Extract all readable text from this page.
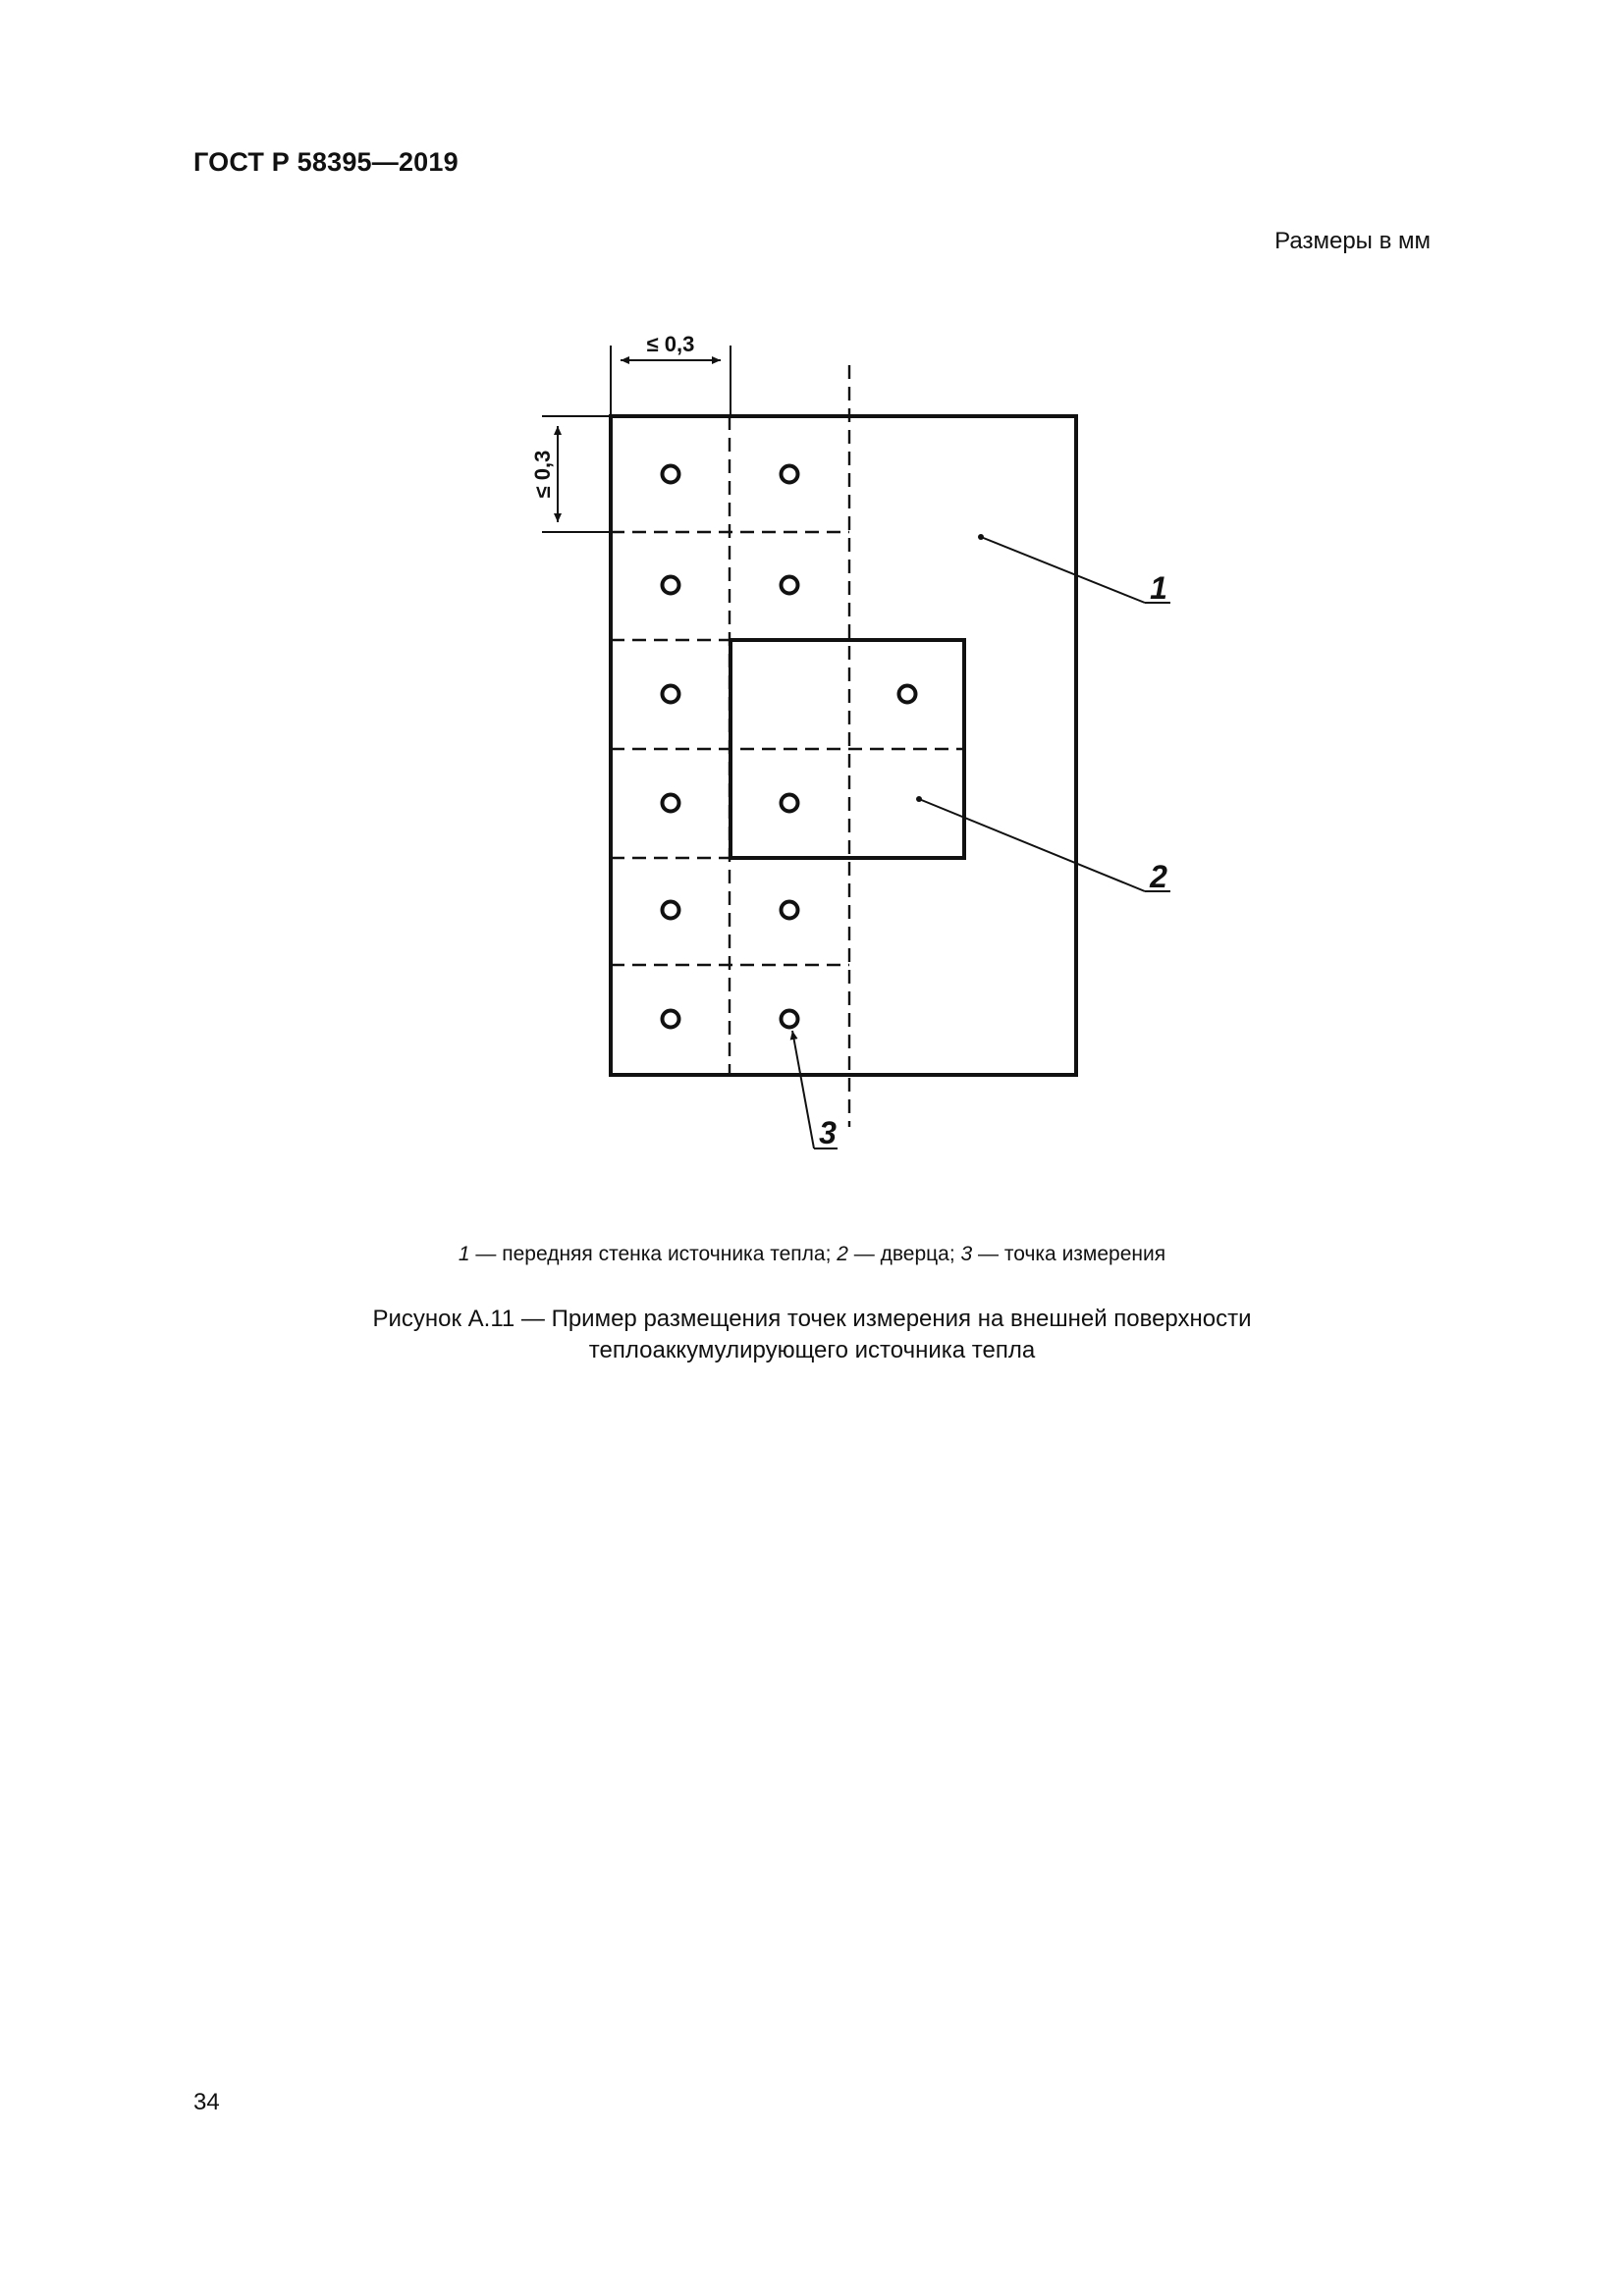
ГОСТ Р 58395—2019
Размеры в мм
≤ 0,3
≤ 0,3
1
2
3
1 — передняя стенка источника тепла; 2 — дверца; 3 — точка измерения
Рисунок А.11 — Пример размещения точек измерения на внешней поверхности
теплоаккумулирующего источника тепла
34
